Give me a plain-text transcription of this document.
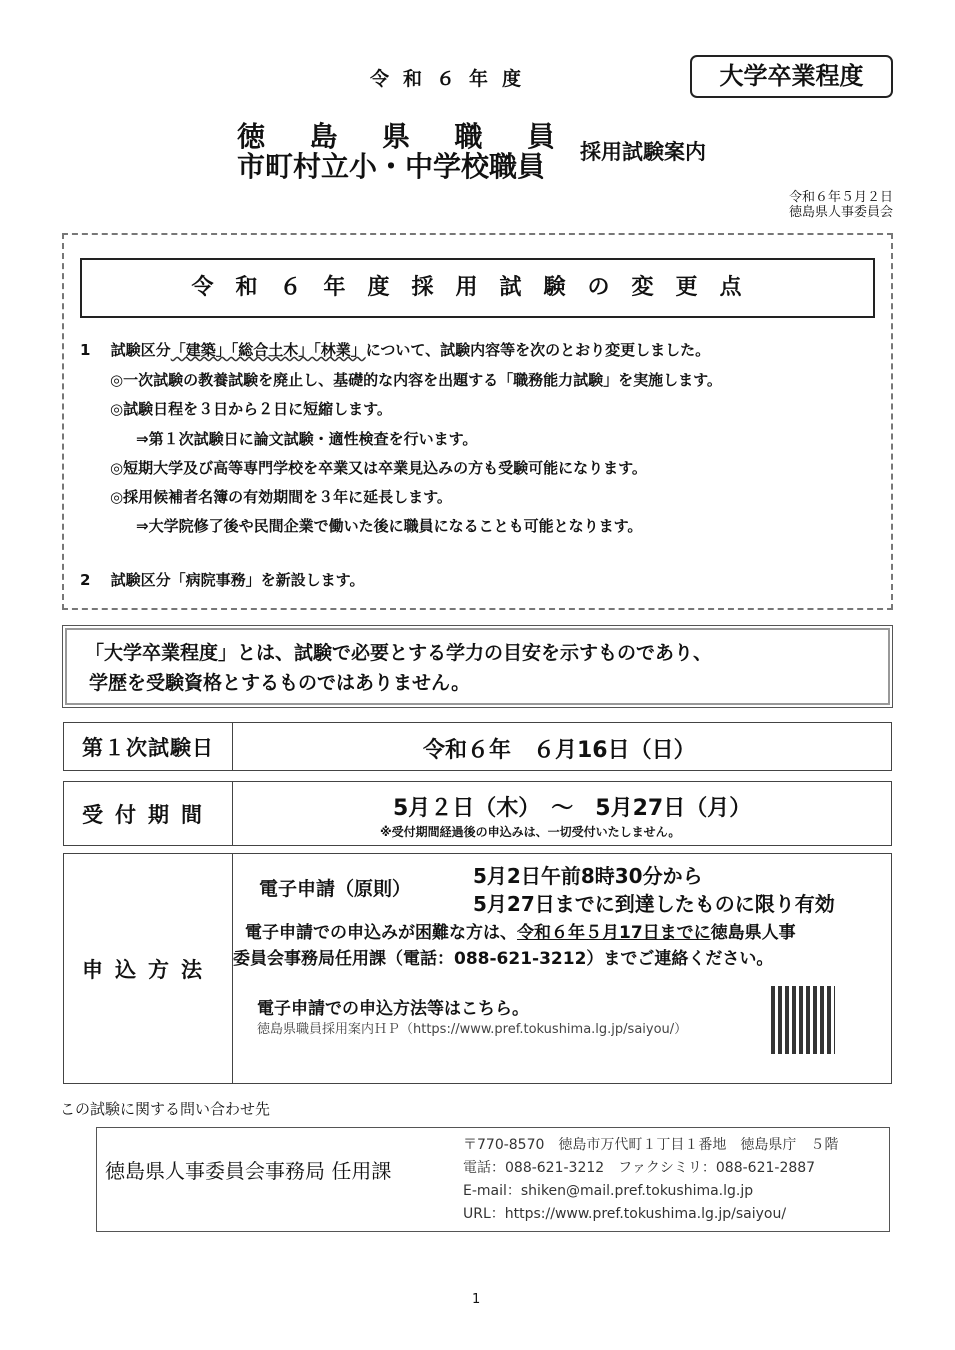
令和６年度	大学卒業程度
徳島県職員
市町村立小・中学校職員	採用試験案内
令和６年５月２日
徳島県人事委員会
令和６年度採用試験の変更点
1　 試験区分「建築」「総合土木」「林業」について、試験内容等を次のとおり変更しました。
◎一次試験の教養試験を廃止し、基礎的な内容を出題する「職務能力試験」を実施します。
◎試験日程を３日から２日に短縮します。
⇒第１次試験日に論文試験・適性検査を行います。
◎短期大学及び高等専門学校を卒業又は卒業見込みの方も受験可能になります。
◎採用候補者名簿の有効期間を３年に延長します。
⇒大学院修了後や民間企業で働いた後に職員になることも可能となります。
2　 試験区分「病院事務」を新設します。
「大学卒業程度」とは、試験で必要とする学力の目安を示すものであり、
学歴を受験資格とするものではありません。
第１次試験日	令和６年　６月16日（日）
受付期間	5月２日（木）　～　5月27日（月）
※受付期間経過後の申込みは、一切受付いたしません。
申込方法
電子申請（原則）
5月2日午前8時30分から
5月27日までに到達したものに限り有効
電子申請での申込みが困難な方は、令和６年５月17日までに徳島県人事
委員会事務局任用課（電話：088-621-3212）までご連絡ください。
電子申請での申込方法等はこちら。
徳島県職員採用案内ＨＰ（https://www.pref.tokushima.lg.jp/saiyou/）
この試験に関する問い合わせ先
徳島県人事委員会事務局 任用課
〒770-8570　徳島市万代町１丁目１番地　徳島県庁　５階
電話：088-621-3212　ファクシミリ：088-621-2887
E-mail：shiken@mail.pref.tokushima.lg.jp
URL：https://www.pref.tokushima.lg.jp/saiyou/
1
